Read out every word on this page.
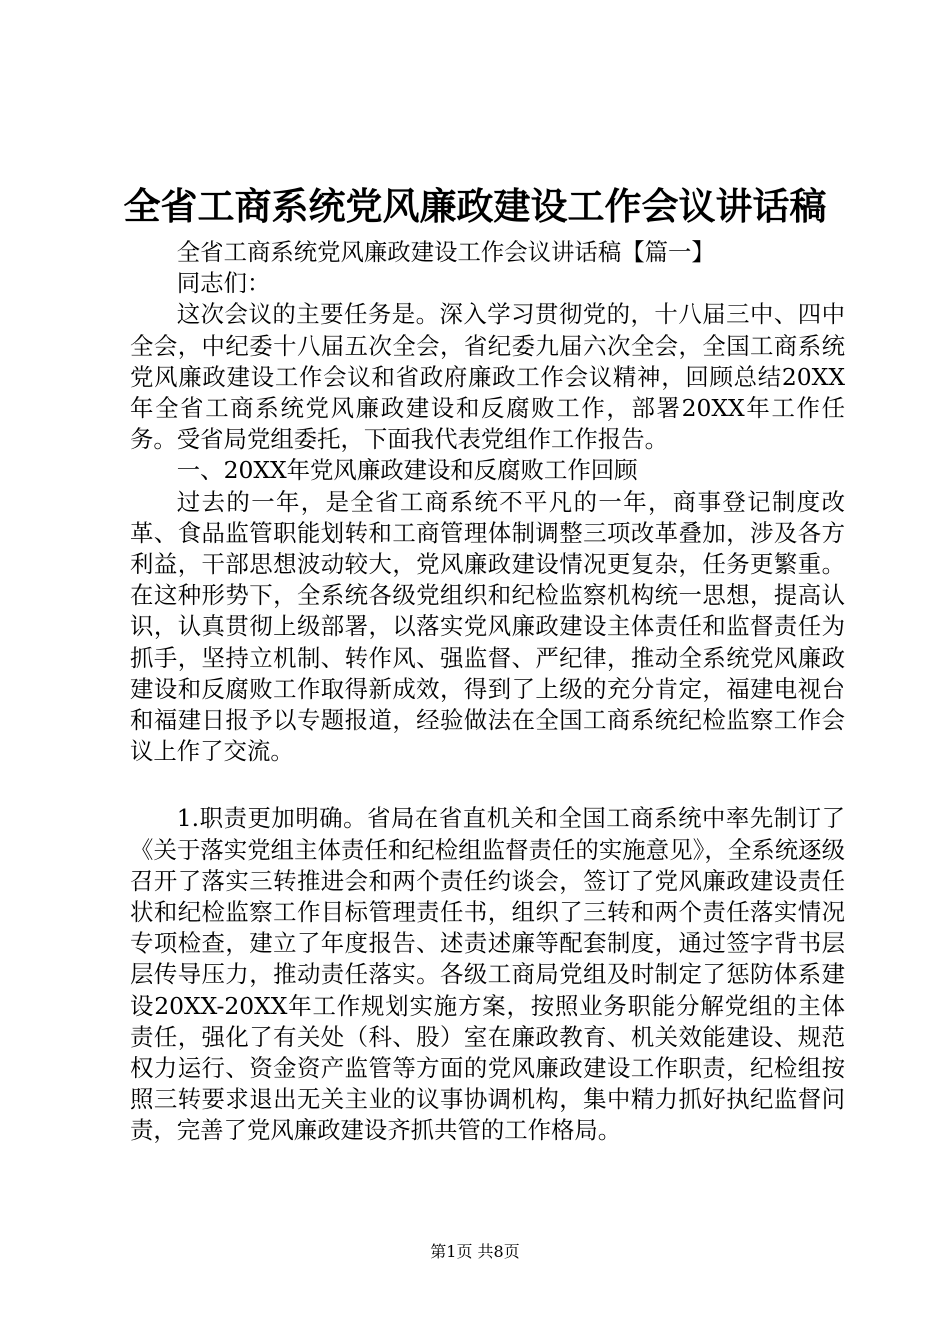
全省工商系统党风廉政建设工作会议讲话稿

全省工商系统党风廉政建设工作会议讲话稿【篇一】

同志们：

这次会议的主要任务是。深入学习贯彻党的，十八届三中、四中全会，中纪委十八届五次全会，省纪委九届六次全会，全国工商系统党风廉政建设工作会议和省政府廉政工作会议精神，回顾总结20XX年全省工商系统党风廉政建设和反腐败工作，部署20XX年工作任务。受省局党组委托，下面我代表党组作工作报告。

一、20XX年党风廉政建设和反腐败工作回顾

过去的一年，是全省工商系统不平凡的一年，商事登记制度改革、食品监管职能划转和工商管理体制调整三项改革叠加，涉及各方利益，干部思想波动较大，党风廉政建设情况更复杂，任务更繁重。在这种形势下，全系统各级党组织和纪检监察机构统一思想，提高认识，认真贯彻上级部署，以落实党风廉政建设主体责任和监督责任为抓手，坚持立机制、转作风、强监督、严纪律，推动全系统党风廉政建设和反腐败工作取得新成效，得到了上级的充分肯定，福建电视台和福建日报予以专题报道，经验做法在全国工商系统纪检监察工作会议上作了交流。

1.职责更加明确。省局在省直机关和全国工商系统中率先制订了《关于落实党组主体责任和纪检组监督责任的实施意见》，全系统逐级召开了落实三转推进会和两个责任约谈会，签订了党风廉政建设责任状和纪检监察工作目标管理责任书，组织了三转和两个责任落实情况专项检查，建立了年度报告、述责述廉等配套制度，通过签字背书层层传导压力，推动责任落实。各级工商局党组及时制定了惩防体系建设20XX-20XX年工作规划实施方案，按照业务职能分解党组的主体责任，强化了有关处（科、股）室在廉政教育、机关效能建设、规范权力运行、资金资产监管等方面的党风廉政建设工作职责，纪检组按照三转要求退出无关主业的议事协调机构，集中精力抓好执纪监督问责，完善了党风廉政建设齐抓共管的工作格局。

第1页 共8页
